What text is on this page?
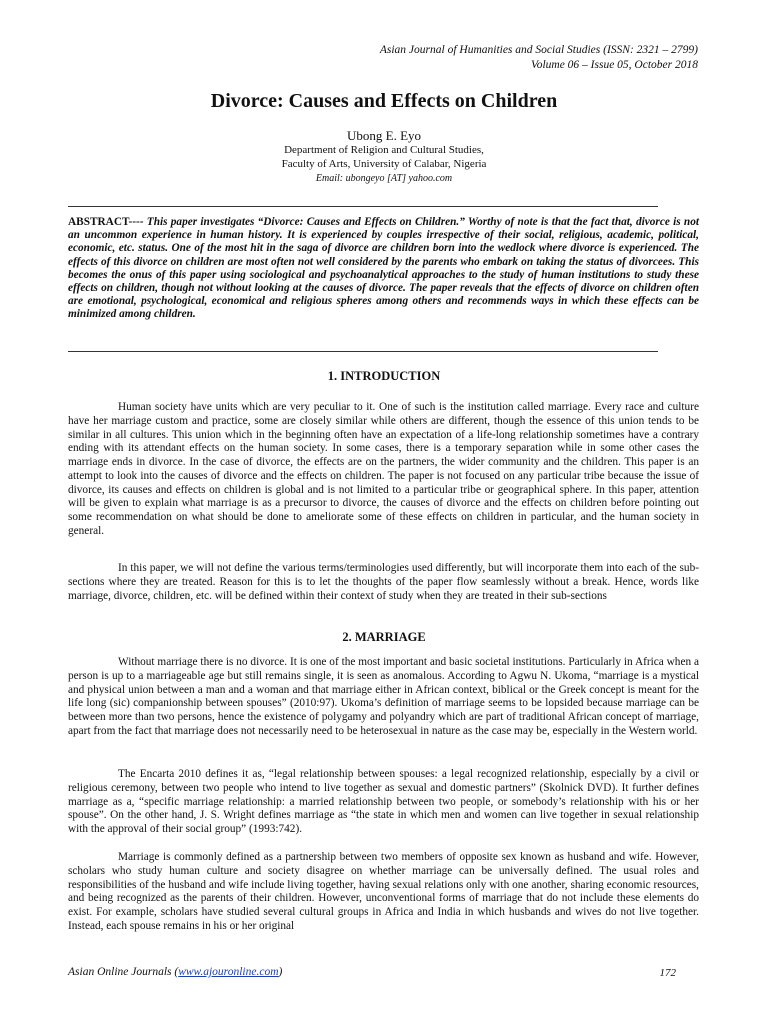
Asian Journal of Humanities and Social Studies (ISSN: 2321 – 2799)
Volume 06 – Issue 05, October 2018
Divorce: Causes and Effects on Children
Ubong E. Eyo
Department of Religion and Cultural Studies,
Faculty of Arts, University of Calabar, Nigeria
Email: ubongeyo [AT] yahoo.com
ABSTRACT---- This paper investigates “Divorce: Causes and Effects on Children.” Worthy of note is that the fact that, divorce is not an uncommon experience in human history. It is experienced by couples irrespective of their social, religious, academic, political, economic, etc. status. One of the most hit in the saga of divorce are children born into the wedlock where divorce is experienced. The effects of this divorce on children are most often not well considered by the parents who embark on taking the status of divorcees. This becomes the onus of this paper using sociological and psychoanalytical approaches to the study of human institutions to study these effects on children, though not without looking at the causes of divorce. The paper reveals that the effects of divorce on children often are emotional, psychological, economical and religious spheres among others and recommends ways in which these effects can be minimized among children.
1. INTRODUCTION

Human society have units which are very peculiar to it. One of such is the institution called marriage. Every race and culture have her marriage custom and practice, some are closely similar while others are different, though the essence of this union tends to be similar in all cultures. This union which in the beginning often have an expectation of a life-long relationship sometimes have a contrary ending with its attendant effects on the human society. In some cases, there is a temporary separation while in some other cases the marriage ends in divorce. In the case of divorce, the effects are on the partners, the wider community and the children. This paper is an attempt to look into the causes of divorce and the effects on children. The paper is not focused on any particular tribe because the issue of divorce, its causes and effects on children is global and is not limited to a particular tribe or geographical sphere. In this paper, attention will be given to explain what marriage is as a precursor to divorce, the causes of divorce and the effects on children before pointing out some recommendation on what should be done to ameliorate some of these effects on children in particular, and the human society in general.

In this paper, we will not define the various terms/terminologies used differently, but will incorporate them into each of the sub-sections where they are treated. Reason for this is to let the thoughts of the paper flow seamlessly without a break. Hence, words like marriage, divorce, children, etc. will be defined within their context of study when they are treated in their sub-sections

2. MARRIAGE

Without marriage there is no divorce. It is one of the most important and basic societal institutions. Particularly in Africa when a person is up to a marriageable age but still remains single, it is seen as anomalous. According to Agwu N. Ukoma, “marriage is a mystical and physical union between a man and a woman and that marriage either in African context, biblical or the Greek concept is meant for the life long (sic) companionship between spouses” (2010:97). Ukoma’s definition of marriage seems to be lopsided because marriage can be between more than two persons, hence the existence of polygamy and polyandry which are part of traditional African concept of marriage, apart from the fact that marriage does not necessarily need to be heterosexual in nature as the case may be, especially in the Western world.

The Encarta 2010 defines it as, “legal relationship between spouses: a legal recognized relationship, especially by a civil or religious ceremony, between two people who intend to live together as sexual and domestic partners” (Skolnick DVD). It further defines marriage as a, “specific marriage relationship: a married relationship between two people, or somebody’s relationship with his or her spouse”. On the other hand, J. S. Wright defines marriage as “the state in which men and women can live together in sexual relationship with the approval of their social group” (1993:742).

Marriage is commonly defined as a partnership between two members of opposite sex known as husband and wife. However, scholars who study human culture and society disagree on whether marriage can be universally defined. The usual roles and responsibilities of the husband and wife include living together, having sexual relations only with one another, sharing economic resources, and being recognized as the parents of their children. However, unconventional forms of marriage that do not include these elements do exist. For example, scholars have studied several cultural groups in Africa and India in which husbands and wives do not live together. Instead, each spouse remains in his or her original

Asian Online Journals (www.ajouronline.com)	172
